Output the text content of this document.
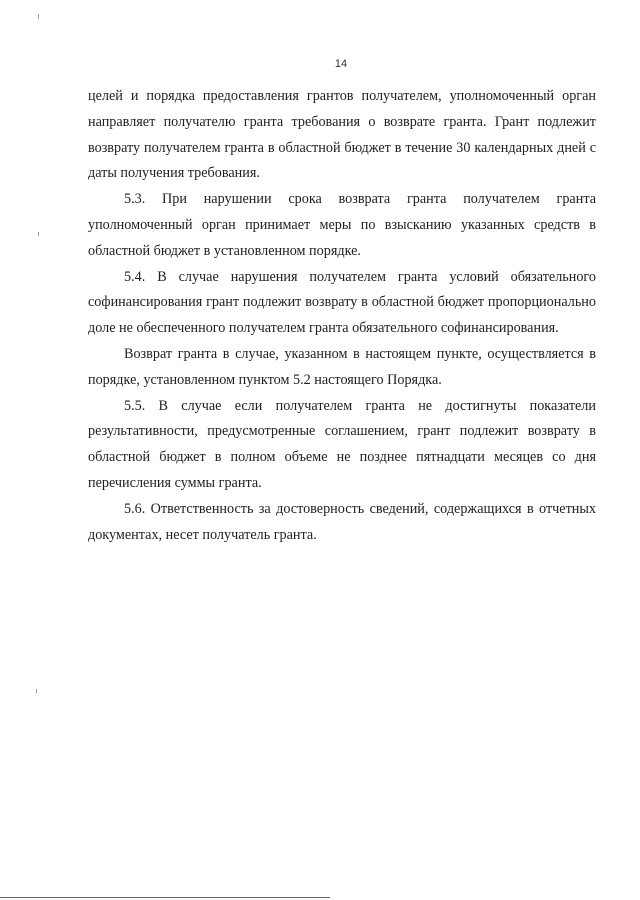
14

целей и порядка предоставления грантов получателем, уполномоченный орган направляет получателю гранта требования о возврате гранта. Грант подлежит возврату получателем гранта в областной бюджет в течение 30 календарных дней с даты получения требования.

5.3. При нарушении срока возврата гранта получателем гранта уполномоченный орган принимает меры по взысканию указанных средств в областной бюджет в установленном порядке.

5.4. В случае нарушения получателем гранта условий обязательного софинансирования грант подлежит возврату в областной бюджет пропорционально доле не обеспеченного получателем гранта обязательного софинансирования.

Возврат гранта в случае, указанном в настоящем пункте, осуществляется в порядке, установленном пунктом 5.2 настоящего Порядка.

5.5. В случае если получателем гранта не достигнуты показатели результативности, предусмотренные соглашением, грант подлежит возврату в областной бюджет в полном объеме не позднее пятнадцати месяцев со дня перечисления суммы гранта.

5.6. Ответственность за достоверность сведений, содержащихся в отчетных документах, несет получатель гранта.
